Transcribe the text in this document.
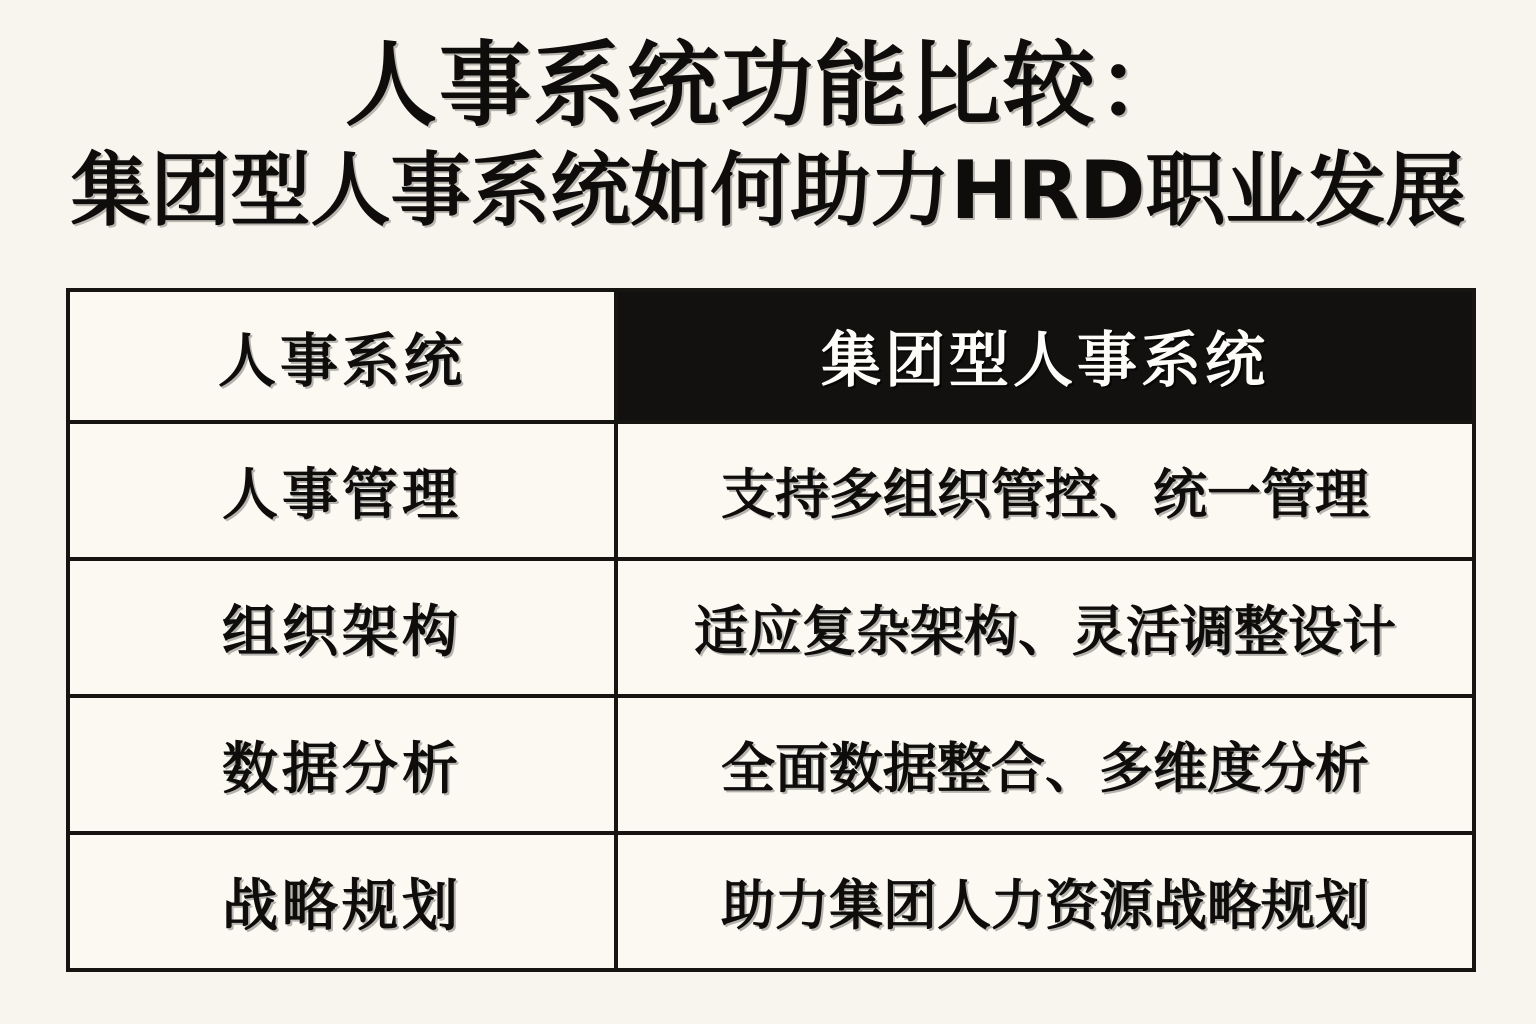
人事系统功能比较：
集团型人事系统如何助力HRD职业发展
人事系统	集团型人事系统
人事管理	支持多组织管控、统一管理
组织架构	适应复杂架构、灵活调整设计
数据分析	全面数据整合、多维度分析
战略规划	助力集团人力资源战略规划
